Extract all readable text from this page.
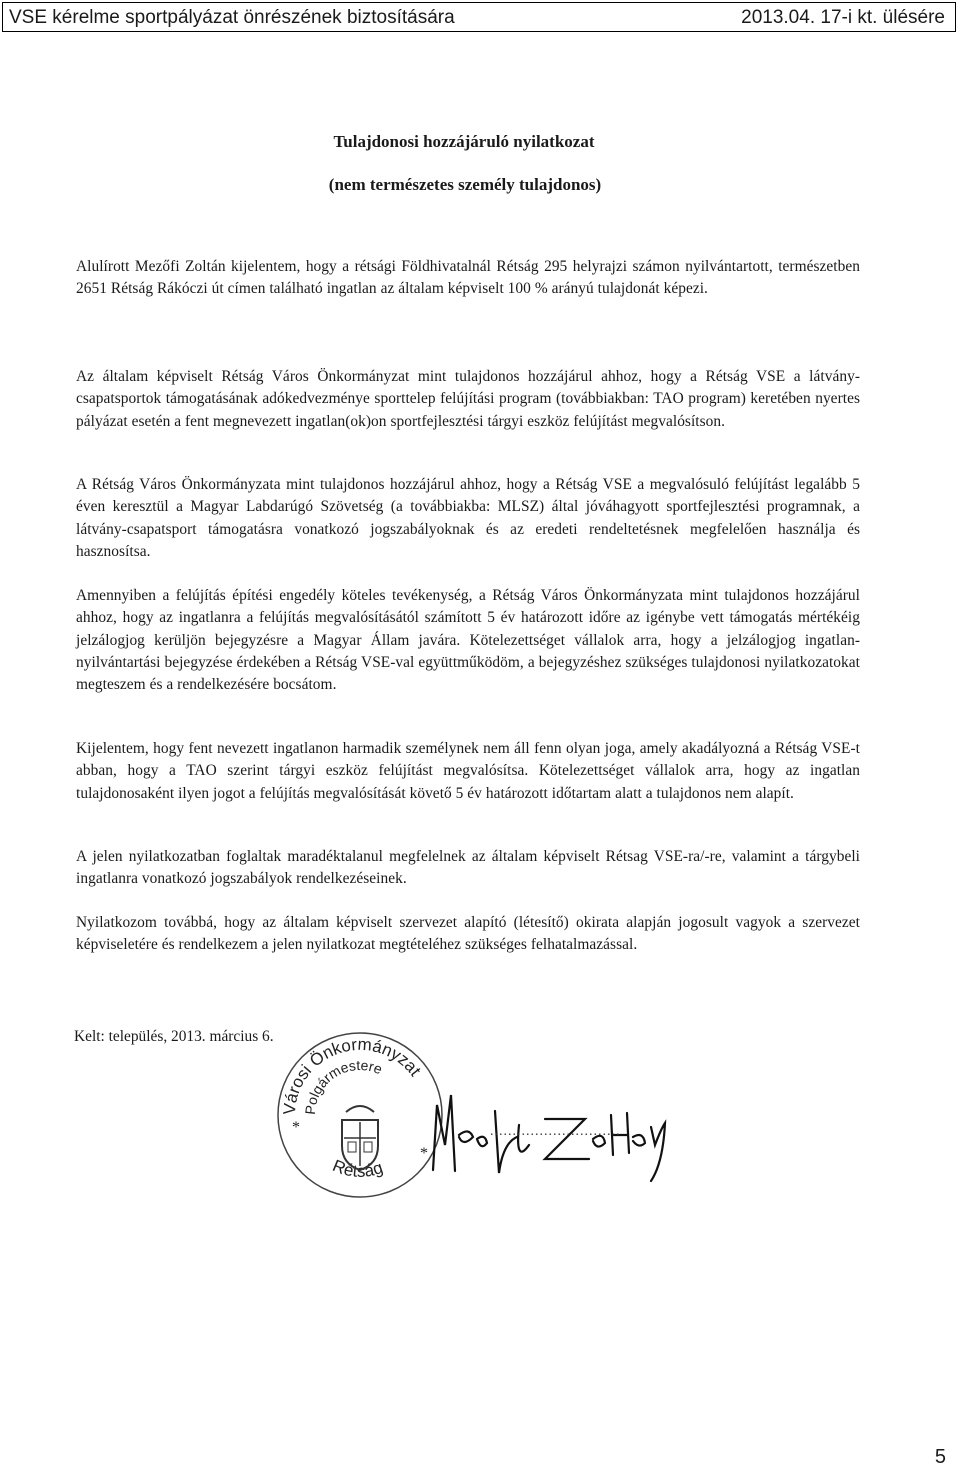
VSE kérelme sportpályázat önrészének biztosítására	2013.04. 17-i kt. ülésére
Tulajdonosi hozzájáruló nyilatkozat
(nem természetes személy tulajdonos)
Alulírott Mezőfi Zoltán kijelentem, hogy a rétsági Földhivatalnál Rétság 295 helyrajzi számon nyilvántartott, természetben 2651 Rétság Rákóczi út címen található ingatlan az általam képviselt 100 % arányú tulajdonát képezi.
Az általam képviselt Rétság Város Önkormányzat mint tulajdonos hozzájárul ahhoz, hogy a Rétság VSE a látvány-csapatsportok támogatásának adókedvezménye sporttelep felújítási program (továbbiakban: TAO program) keretében nyertes pályázat esetén a fent megnevezett ingatlan(ok)on sportfejlesztési tárgyi eszköz felújítást megvalósítson.
A Rétság Város Önkormányzata mint tulajdonos hozzájárul ahhoz, hogy a Rétság VSE a megvalósuló felújítást legalább 5 éven keresztül a Magyar Labdarúgó Szövetség (a továbbiakba: MLSZ) által jóváhagyott sportfejlesztési programnak, a látvány-csapatsport támogatásra vonatkozó jogszabályoknak és az eredeti rendeltetésnek megfelelően használja és hasznosítsa.
Amennyiben a felújítás építési engedély köteles tevékenység, a Rétság Város Önkormányzata mint tulajdonos hozzájárul ahhoz, hogy az ingatlanra a felújítás megvalósításától számított 5 év határozott időre az igénybe vett támogatás mértékéig jelzálogjog kerüljön bejegyzésre a Magyar Állam javára. Kötelezettséget vállalok arra, hogy a jelzálogjog ingatlan-nyilvántartási bejegyzése érdekében a Rétság VSE-val együttműködöm, a bejegyzéshez szükséges tulajdonosi nyilatkozatokat megteszem és a rendelkezésére bocsátom.
Kijelentem, hogy fent nevezett ingatlanon harmadik személynek nem áll fenn olyan joga, amely akadályozná a Rétság VSE-t abban, hogy a TAO szerint tárgyi eszköz felújítást megvalósítsa. Kötelezettséget vállalok arra, hogy az ingatlan tulajdonosaként ilyen jogot a felújítás megvalósítását követő 5 év határozott időtartam alatt a tulajdonos nem alapít.
A jelen nyilatkozatban foglaltak maradéktalanul megfelelnek az általam képviselt Rétsag VSE-ra/-re, valamint a tárgybeli ingatlanra vonatkozó jogszabályok rendelkezéseinek.
Nyilatkozom továbbá, hogy az általam képviselt szervezet alapító (létesítő) okirata alapján jogosult vagyok a szervezet képviseletére és rendelkezem a jelen nyilatkozat megtételéhez szükséges felhatalmazással.
Kelt: település, 2013. március 6.
Városi Önkormányzat
Polgármestere
Rétság
*
*
.............................
5
